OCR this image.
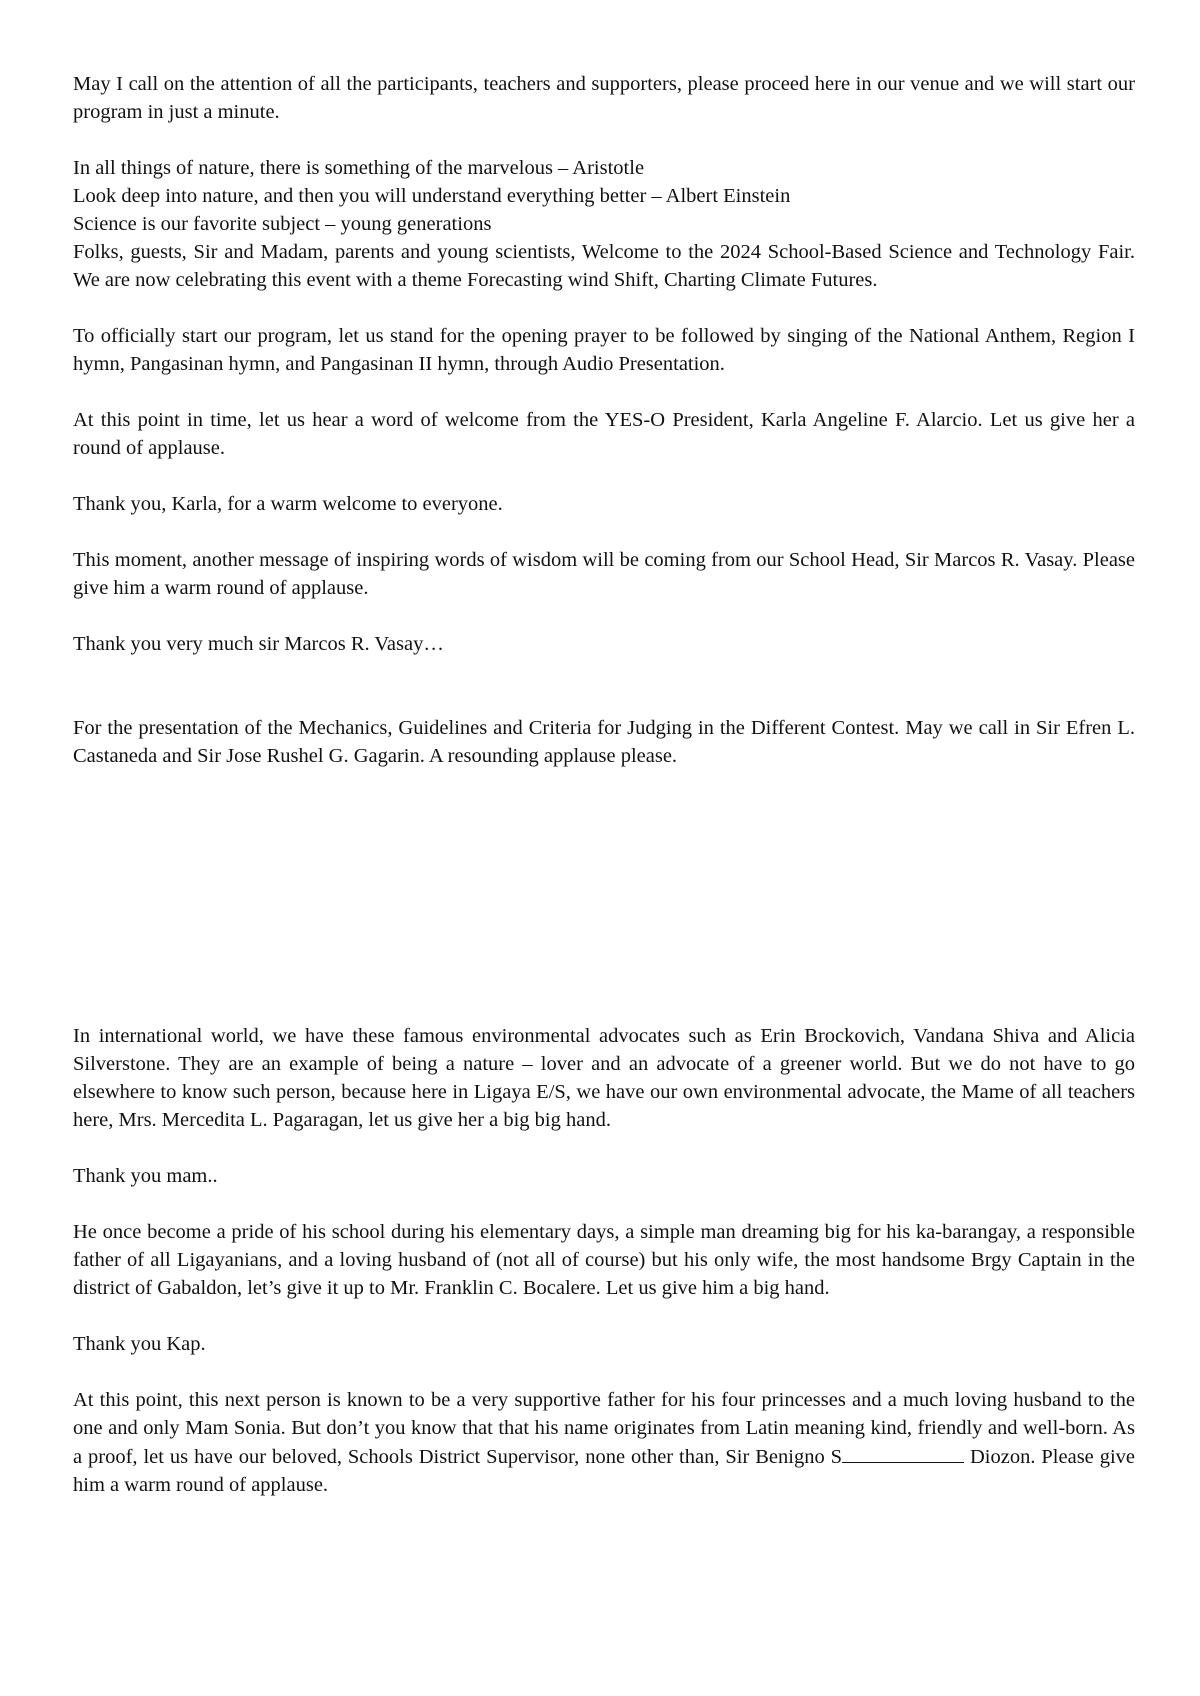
May I call on the attention of all the participants, teachers and supporters, please proceed here in our venue and we will start our program in just a minute.

In all things of nature, there is something of the marvelous – Aristotle
Look deep into nature, and then you will understand everything better – Albert Einstein
Science is our favorite subject – young generations
Folks, guests, Sir and Madam, parents and young scientists, Welcome to the 2024 School-Based Science and Technology Fair. We are now celebrating this event with a theme Forecasting wind Shift, Charting Climate Futures.

To officially start our program, let us stand for the opening prayer to be followed by singing of the National Anthem, Region I hymn, Pangasinan hymn, and Pangasinan II hymn, through Audio Presentation.

At this point in time, let us hear a word of welcome from the YES-O President, Karla Angeline F. Alarcio. Let us give her a round of applause.

Thank you, Karla, for a warm welcome to everyone.

This moment, another message of inspiring words of wisdom will be coming from our School Head, Sir Marcos R. Vasay. Please give him a warm round of applause.

Thank you very much sir Marcos R. Vasay…

For the presentation of the Mechanics, Guidelines and Criteria for Judging in the Different Contest. May we call in Sir Efren L. Castaneda and Sir Jose Rushel G. Gagarin. A resounding applause please.

In international world, we have these famous environmental advocates such as Erin Brockovich, Vandana Shiva and Alicia Silverstone. They are an example of being a nature – lover and an advocate of a greener world. But we do not have to go elsewhere to know such person, because here in Ligaya E/S, we have our own environmental advocate, the Mame of all teachers here, Mrs. Mercedita L. Pagaragan, let us give her a big big hand.

Thank you mam..

He once become a pride of his school during his elementary days, a simple man dreaming big for his ka-barangay, a responsible father of all Ligayanians, and a loving husband of (not all of course) but his only wife, the most handsome Brgy Captain in the district of Gabaldon, let’s give it up to Mr. Franklin C. Bocalere. Let us give him a big hand.

Thank you Kap.

At this point, this next person is known to be a very supportive father for his four princesses and a much loving husband to the one and only Mam Sonia. But don’t you know that that his name originates from Latin meaning kind, friendly and well-born. As a proof, let us have our beloved, Schools District Supervisor, none other than, Sir Benigno S	Diozon. Please give him a warm round of applause.
